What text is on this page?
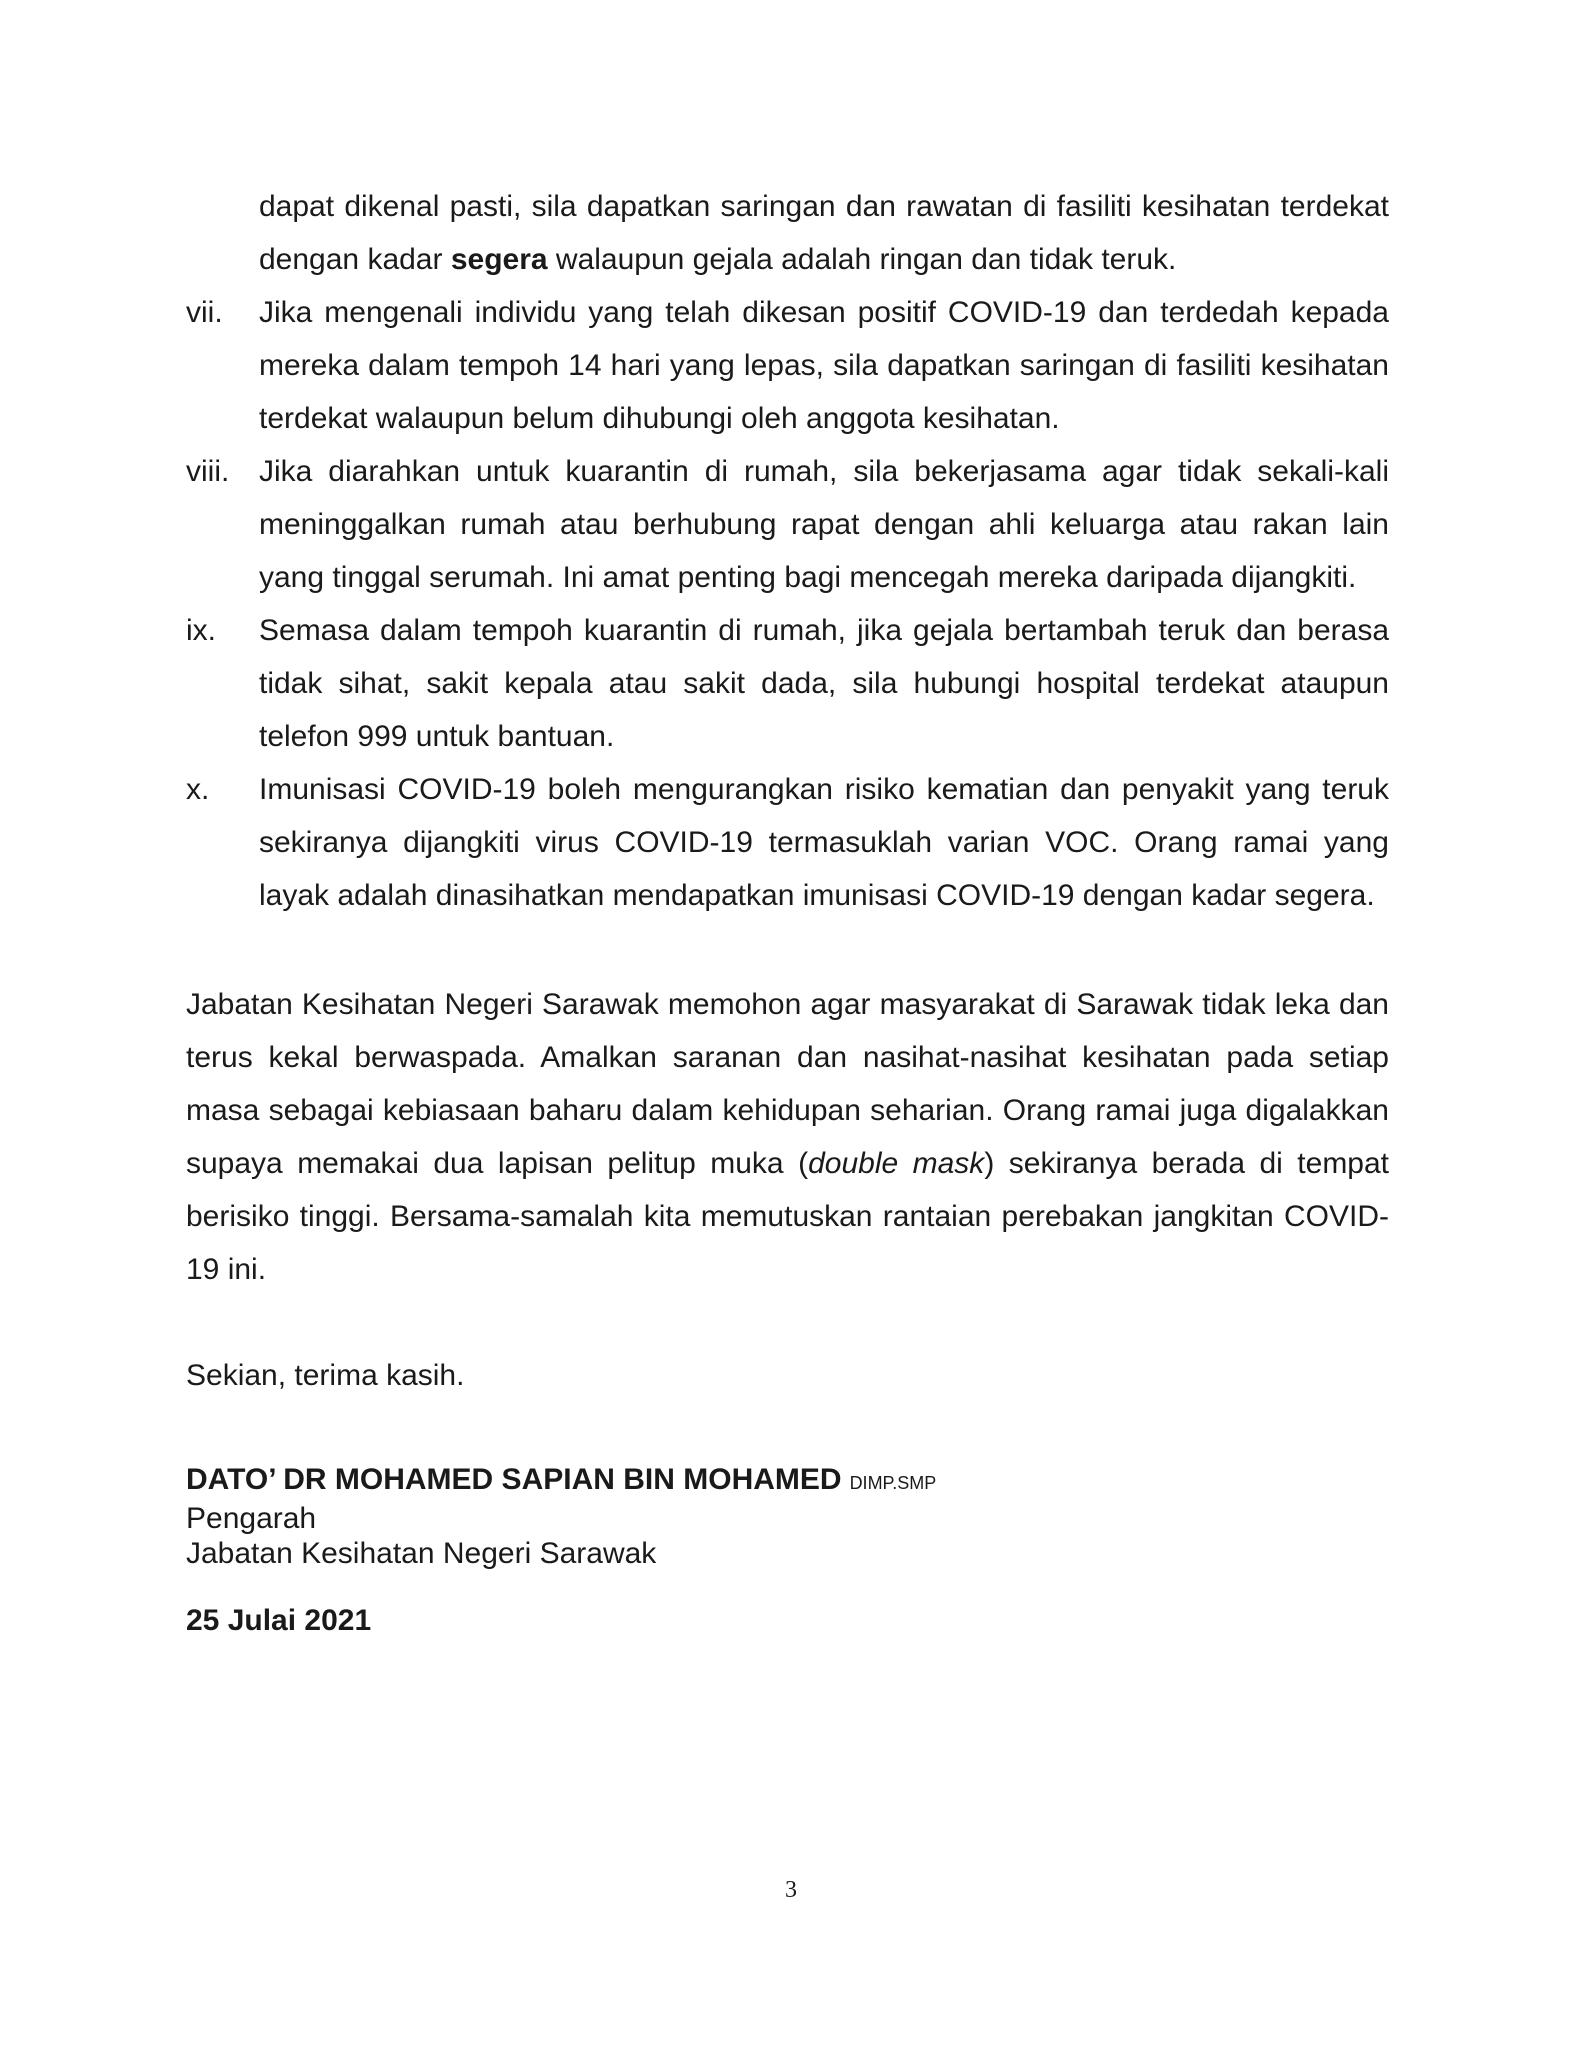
dapat dikenal pasti, sila dapatkan saringan dan rawatan di fasiliti kesihatan terdekat dengan kadar segera walaupun gejala adalah ringan dan tidak teruk.

vii.	Jika mengenali individu yang telah dikesan positif COVID-19 dan terdedah kepada mereka dalam tempoh 14 hari yang lepas, sila dapatkan saringan di fasiliti kesihatan terdekat walaupun belum dihubungi oleh anggota kesihatan.
viii. Jika diarahkan untuk kuarantin di rumah, sila bekerjasama agar tidak sekali-kali meninggalkan rumah atau berhubung rapat dengan ahli keluarga atau rakan lain yang tinggal serumah. Ini amat penting bagi mencegah mereka daripada dijangkiti.
ix.	Semasa dalam tempoh kuarantin di rumah, jika gejala bertambah teruk dan berasa tidak sihat, sakit kepala atau sakit dada, sila hubungi hospital terdekat ataupun telefon 999 untuk bantuan.
x.	Imunisasi COVID-19 boleh mengurangkan risiko kematian dan penyakit yang teruk sekiranya dijangkiti virus COVID-19 termasuklah varian VOC. Orang ramai yang layak adalah dinasihatkan mendapatkan imunisasi COVID-19 dengan kadar segera.

Jabatan Kesihatan Negeri Sarawak memohon agar masyarakat di Sarawak tidak leka dan terus kekal berwaspada. Amalkan saranan dan nasihat-nasihat kesihatan pada setiap masa sebagai kebiasaan baharu dalam kehidupan seharian. Orang ramai juga digalakkan supaya memakai dua lapisan pelitup muka (double mask) sekiranya berada di tempat berisiko tinggi. Bersama-samalah kita memutuskan rantaian perebakan jangkitan COVID-19 ini.

Sekian, terima kasih.
DATO’ DR MOHAMED SAPIAN BIN MOHAMED DIMP.SMP
Pengarah
Jabatan Kesihatan Negeri Sarawak
25 Julai 2021
3
